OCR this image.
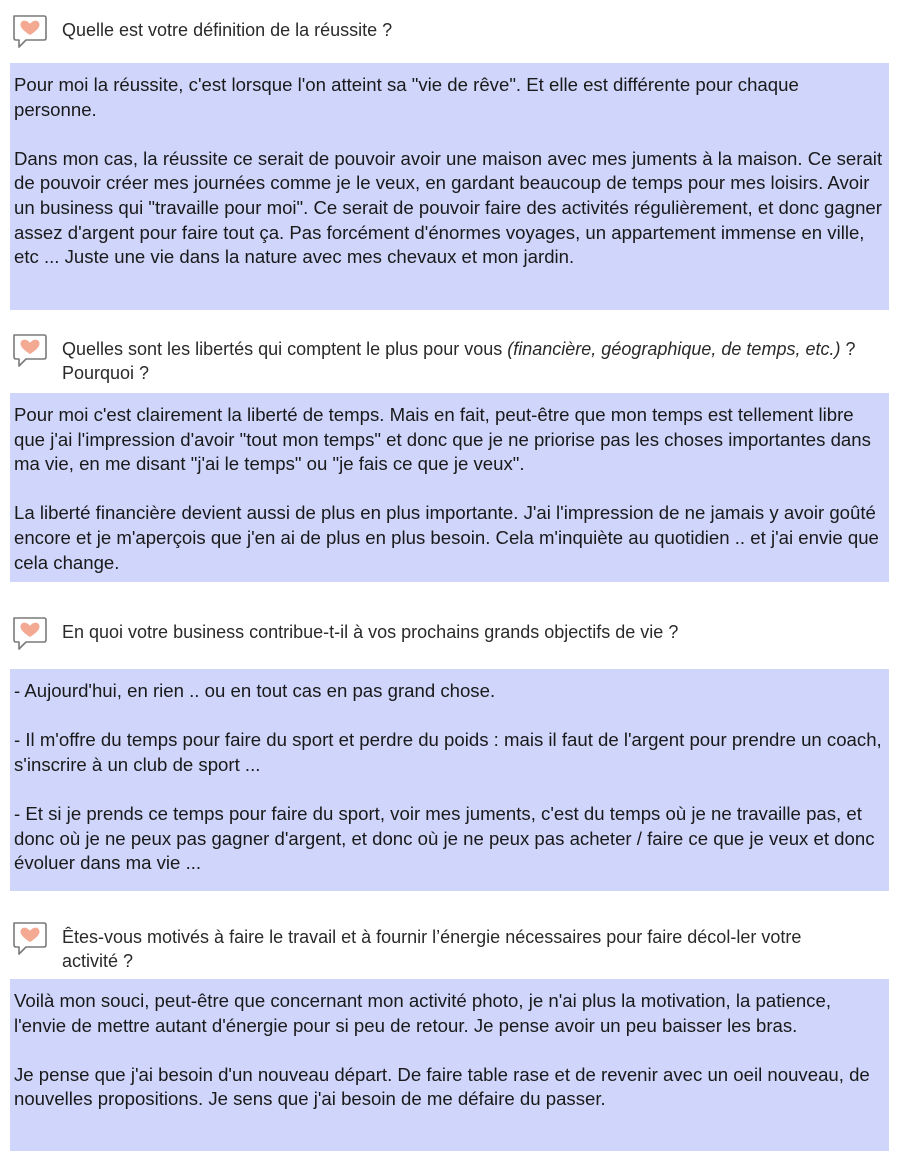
Quelle est votre définition de la réussite ?

Pour moi la réussite, c'est lorsque l'on atteint sa "vie de rêve". Et elle est différente pour chaque personne.

Dans mon cas, la réussite ce serait de pouvoir avoir une maison avec mes juments à la maison. Ce serait de pouvoir créer mes journées comme je le veux, en gardant beaucoup de temps pour mes loisirs. Avoir un business qui "travaille pour moi". Ce serait de pouvoir faire des activités régulièrement, et donc gagner assez d'argent pour faire tout ça. Pas forcément d'énormes voyages, un appartement immense en ville, etc ... Juste une vie dans la nature avec mes chevaux et mon jardin.

Quelles sont les libertés qui comptent le plus pour vous (financière, géographique, de temps, etc.) ? Pourquoi ?

Pour moi c'est clairement la liberté de temps. Mais en fait, peut-être que mon temps est tellement libre que j'ai l'impression d'avoir "tout mon temps" et donc que je ne priorise pas les choses importantes dans ma vie, en me disant "j'ai le temps" ou "je fais ce que je veux".

La liberté financière devient aussi de plus en plus importante. J'ai l'impression de ne jamais y avoir goûté encore et je m'aperçois que j'en ai de plus en plus besoin. Cela m'inquiète au quotidien .. et j'ai envie que cela change.

En quoi votre business contribue-t-il à vos prochains grands objectifs de vie ?

- Aujourd'hui, en rien .. ou en tout cas en pas grand chose.

- Il m'offre du temps pour faire du sport et perdre du poids : mais il faut de l'argent pour prendre un coach, s'inscrire à un club de sport ...

- Et si je prends ce temps pour faire du sport, voir mes juments, c'est du temps où je ne travaille pas, et donc où je ne peux pas gagner d'argent, et donc où je ne peux pas acheter / faire ce que je veux et donc évoluer dans ma vie ...

Êtes-vous motivés à faire le travail et à fournir l’énergie nécessaires pour faire décol-ler votre activité ?

Voilà mon souci, peut-être que concernant mon activité photo, je n'ai plus la motivation, la patience, l'envie de mettre autant d'énergie pour si peu de retour. Je pense avoir un peu baisser les bras.

Je pense que j'ai besoin d'un nouveau départ. De faire table rase et de revenir avec un oeil nouveau, de nouvelles propositions. Je sens que j'ai besoin de me défaire du passer.
